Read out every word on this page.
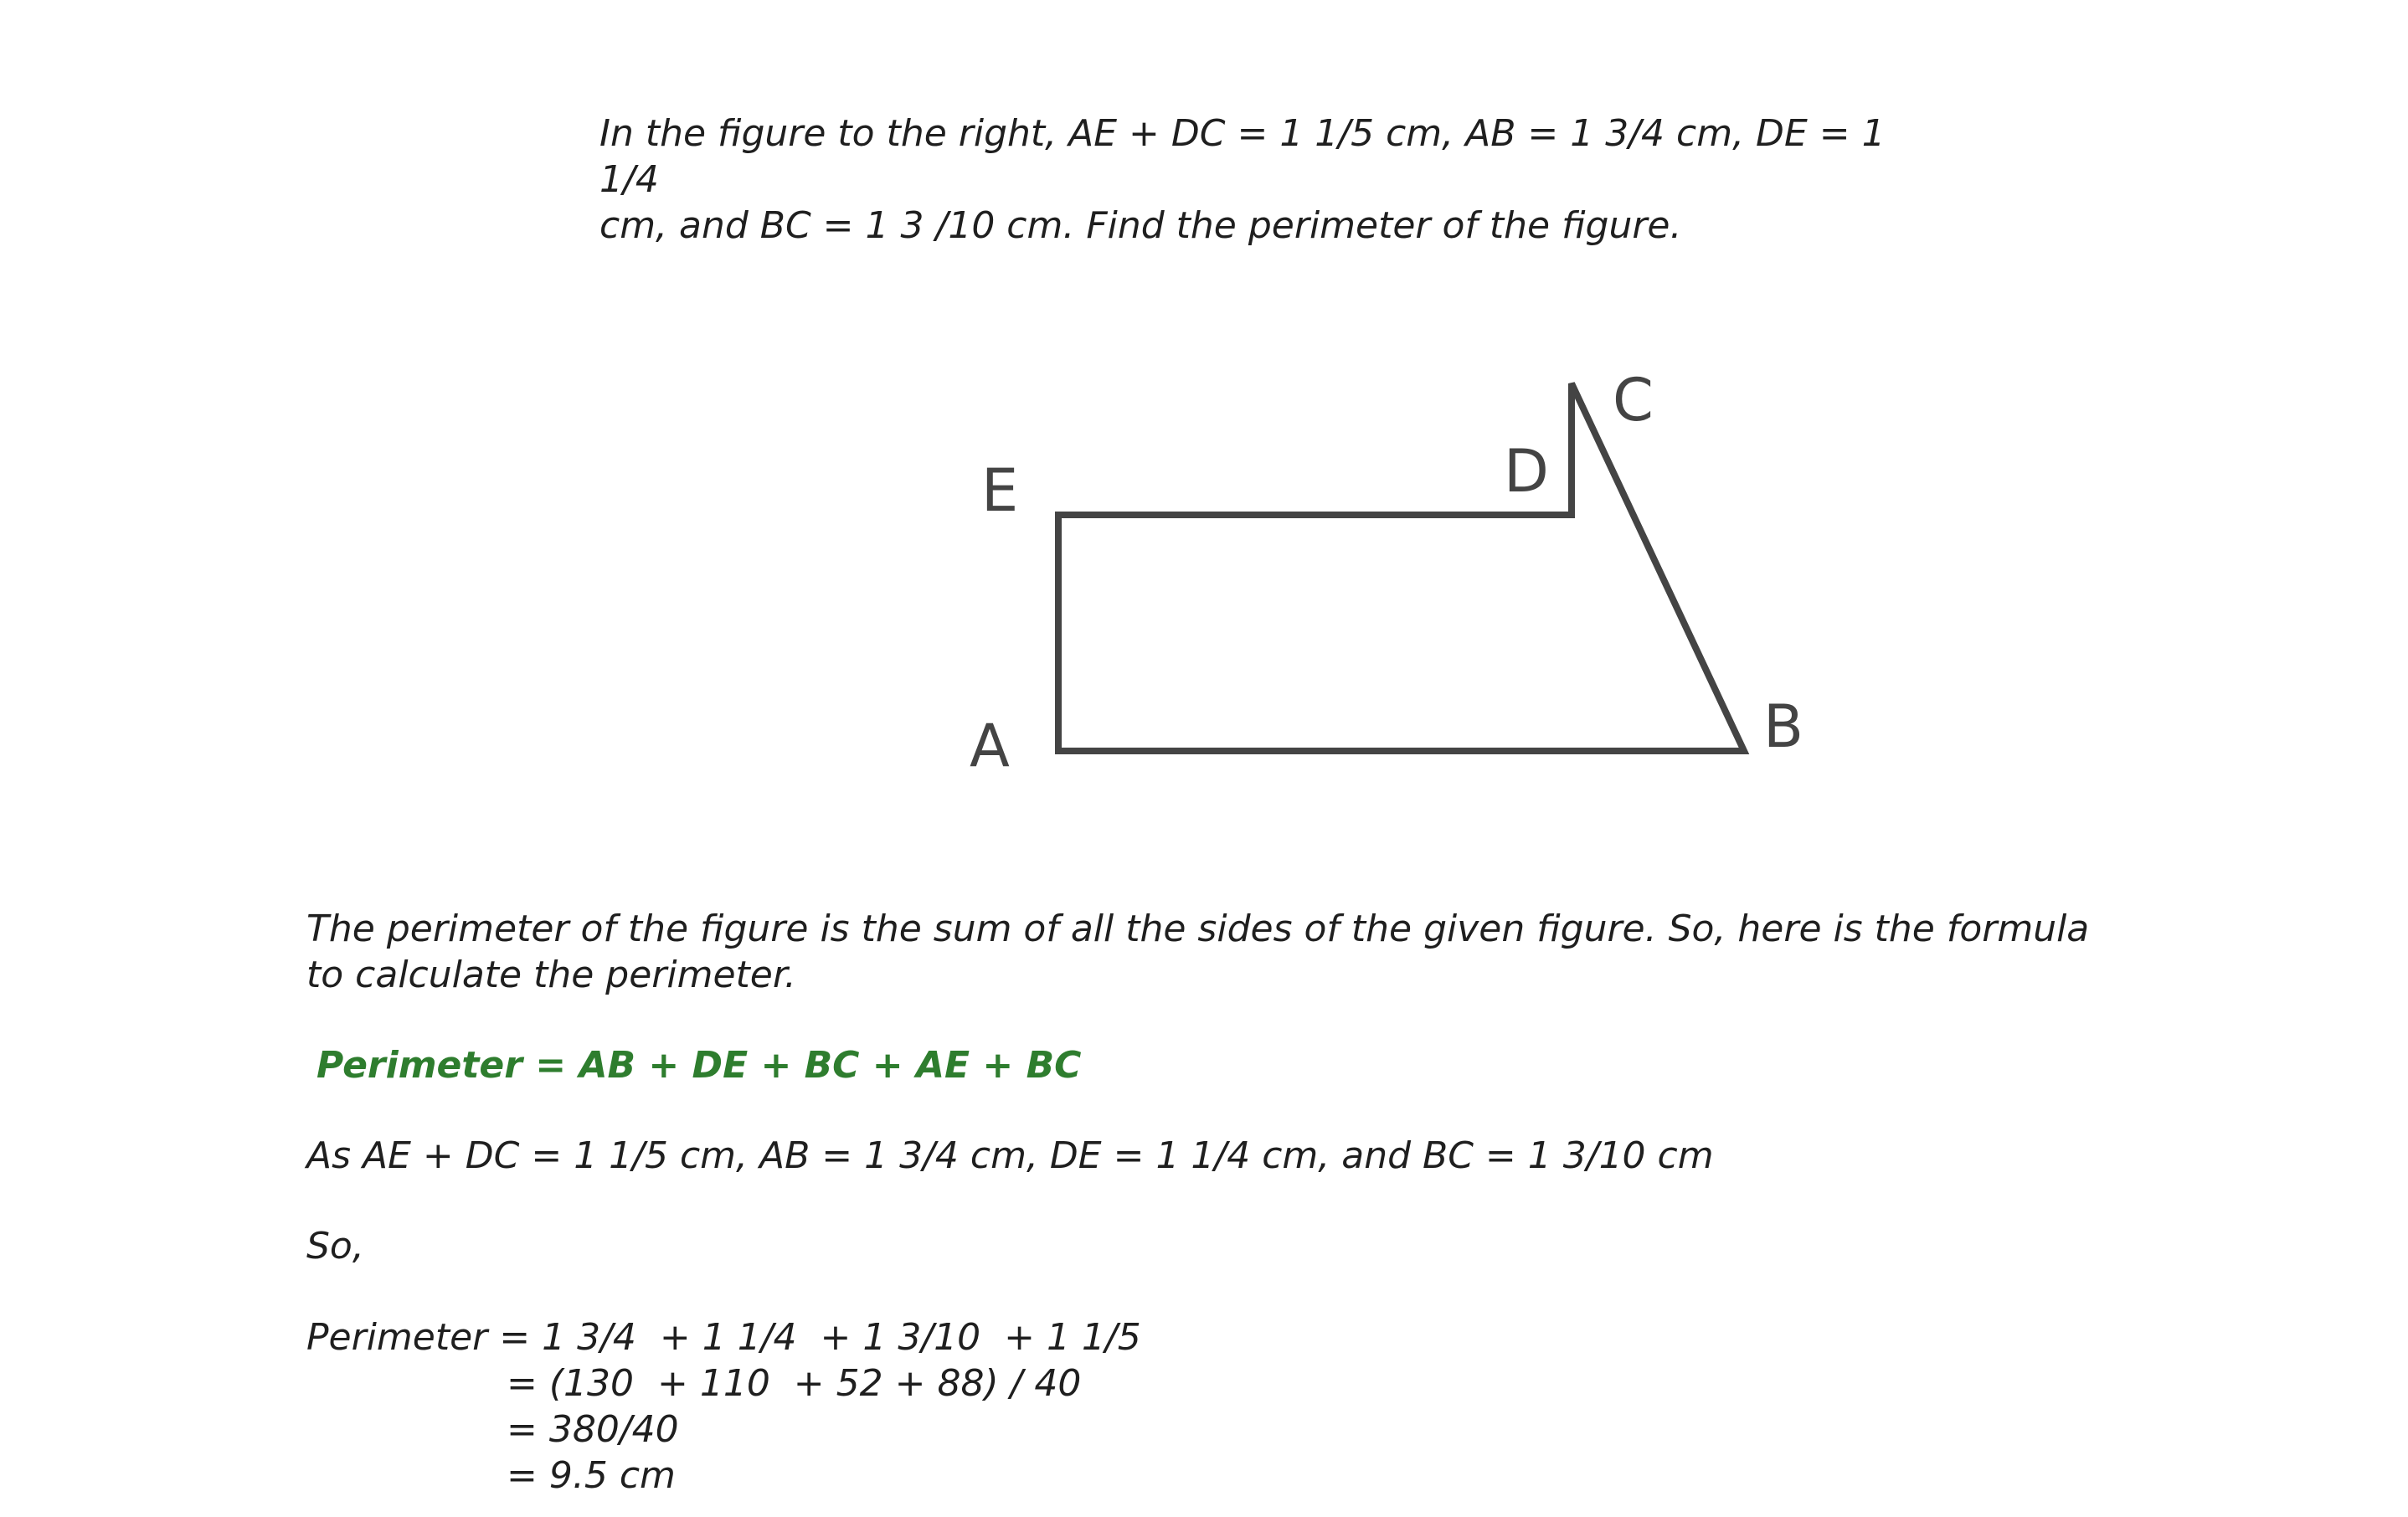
In the figure to the right, AE + DC = 1 1/5 cm, AB = 1 3/4 cm, DE = 1 1/4

cm, and BC = 1 3 /10 cm. Find the perimeter of the figure.

E	D
C
A	B

The perimeter of the figure is the sum of all the sides of the given figure. So, here is the formula

to calculate the perimeter.

Perimeter = AB + DE + BC + AE + BC
As AE + DC = 1 1/5 cm, AB = 1 3/4 cm, DE = 1 1/4 cm, and BC = 1 3/10 cm
So,
Perimeter = 1 3/4  + 1 1/4  + 1 3/10  + 1 1/5
= (130  + 110  + 52 + 88) / 40
= 380/40
= 9.5 cm
